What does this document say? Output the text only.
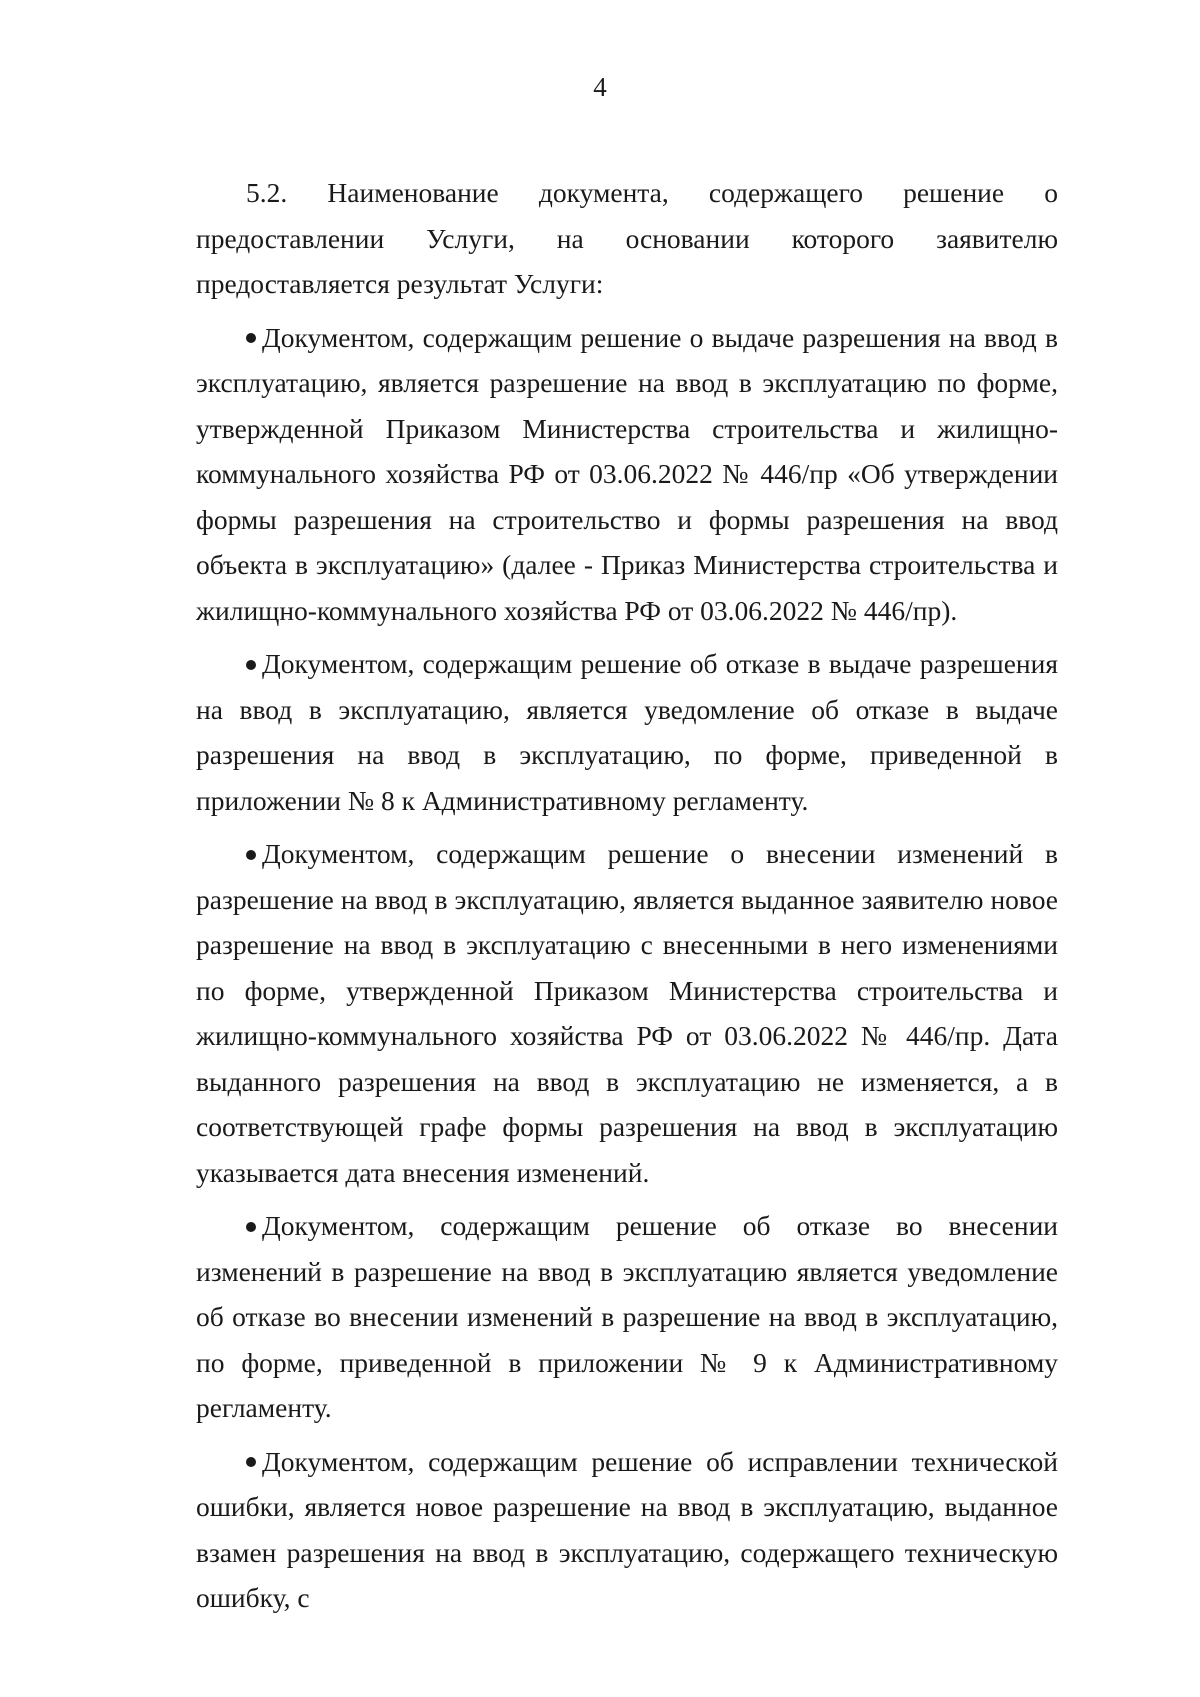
4

5.2. Наименование документа, содержащего решение о предоставлении Услуги, на основании которого заявителю предоставляется результат Услуги:

Документом, содержащим решение о выдаче разрешения на ввод в эксплуатацию, является разрешение на ввод в эксплуатацию по форме, утвержденной Приказом Министерства строительства и жилищно-коммунального хозяйства РФ от 03.06.2022 № 446/пр «Об утверждении формы разрешения на строительство и формы разрешения на ввод объекта в эксплуатацию» (далее - Приказ Министерства строительства и жилищно-коммунального хозяйства РФ от 03.06.2022 № 446/пр).

Документом, содержащим решение об отказе в выдаче разрешения на ввод в эксплуатацию, является уведомление об отказе в выдаче разрешения на ввод в эксплуатацию, по форме, приведенной в приложении № 8 к Административному регламенту.

Документом, содержащим решение о внесении изменений в разрешение на ввод в эксплуатацию, является выданное заявителю новое разрешение на ввод в эксплуатацию с внесенными в него изменениями по форме, утвержденной Приказом Министерства строительства и жилищно-коммунального хозяйства РФ от 03.06.2022 № 446/пр. Дата выданного разрешения на ввод в эксплуатацию не изменяется, а в соответствующей графе формы разрешения на ввод в эксплуатацию указывается дата внесения изменений.

Документом, содержащим решение об отказе во внесении изменений в разрешение на ввод в эксплуатацию является уведомление об отказе во внесении изменений в разрешение на ввод в эксплуатацию, по форме, приведенной в приложении № 9 к Административному регламенту.

Документом, содержащим решение об исправлении технической ошибки, является новое разрешение на ввод в эксплуатацию, выданное взамен разрешения на ввод в эксплуатацию, содержащего техническую ошибку, с
